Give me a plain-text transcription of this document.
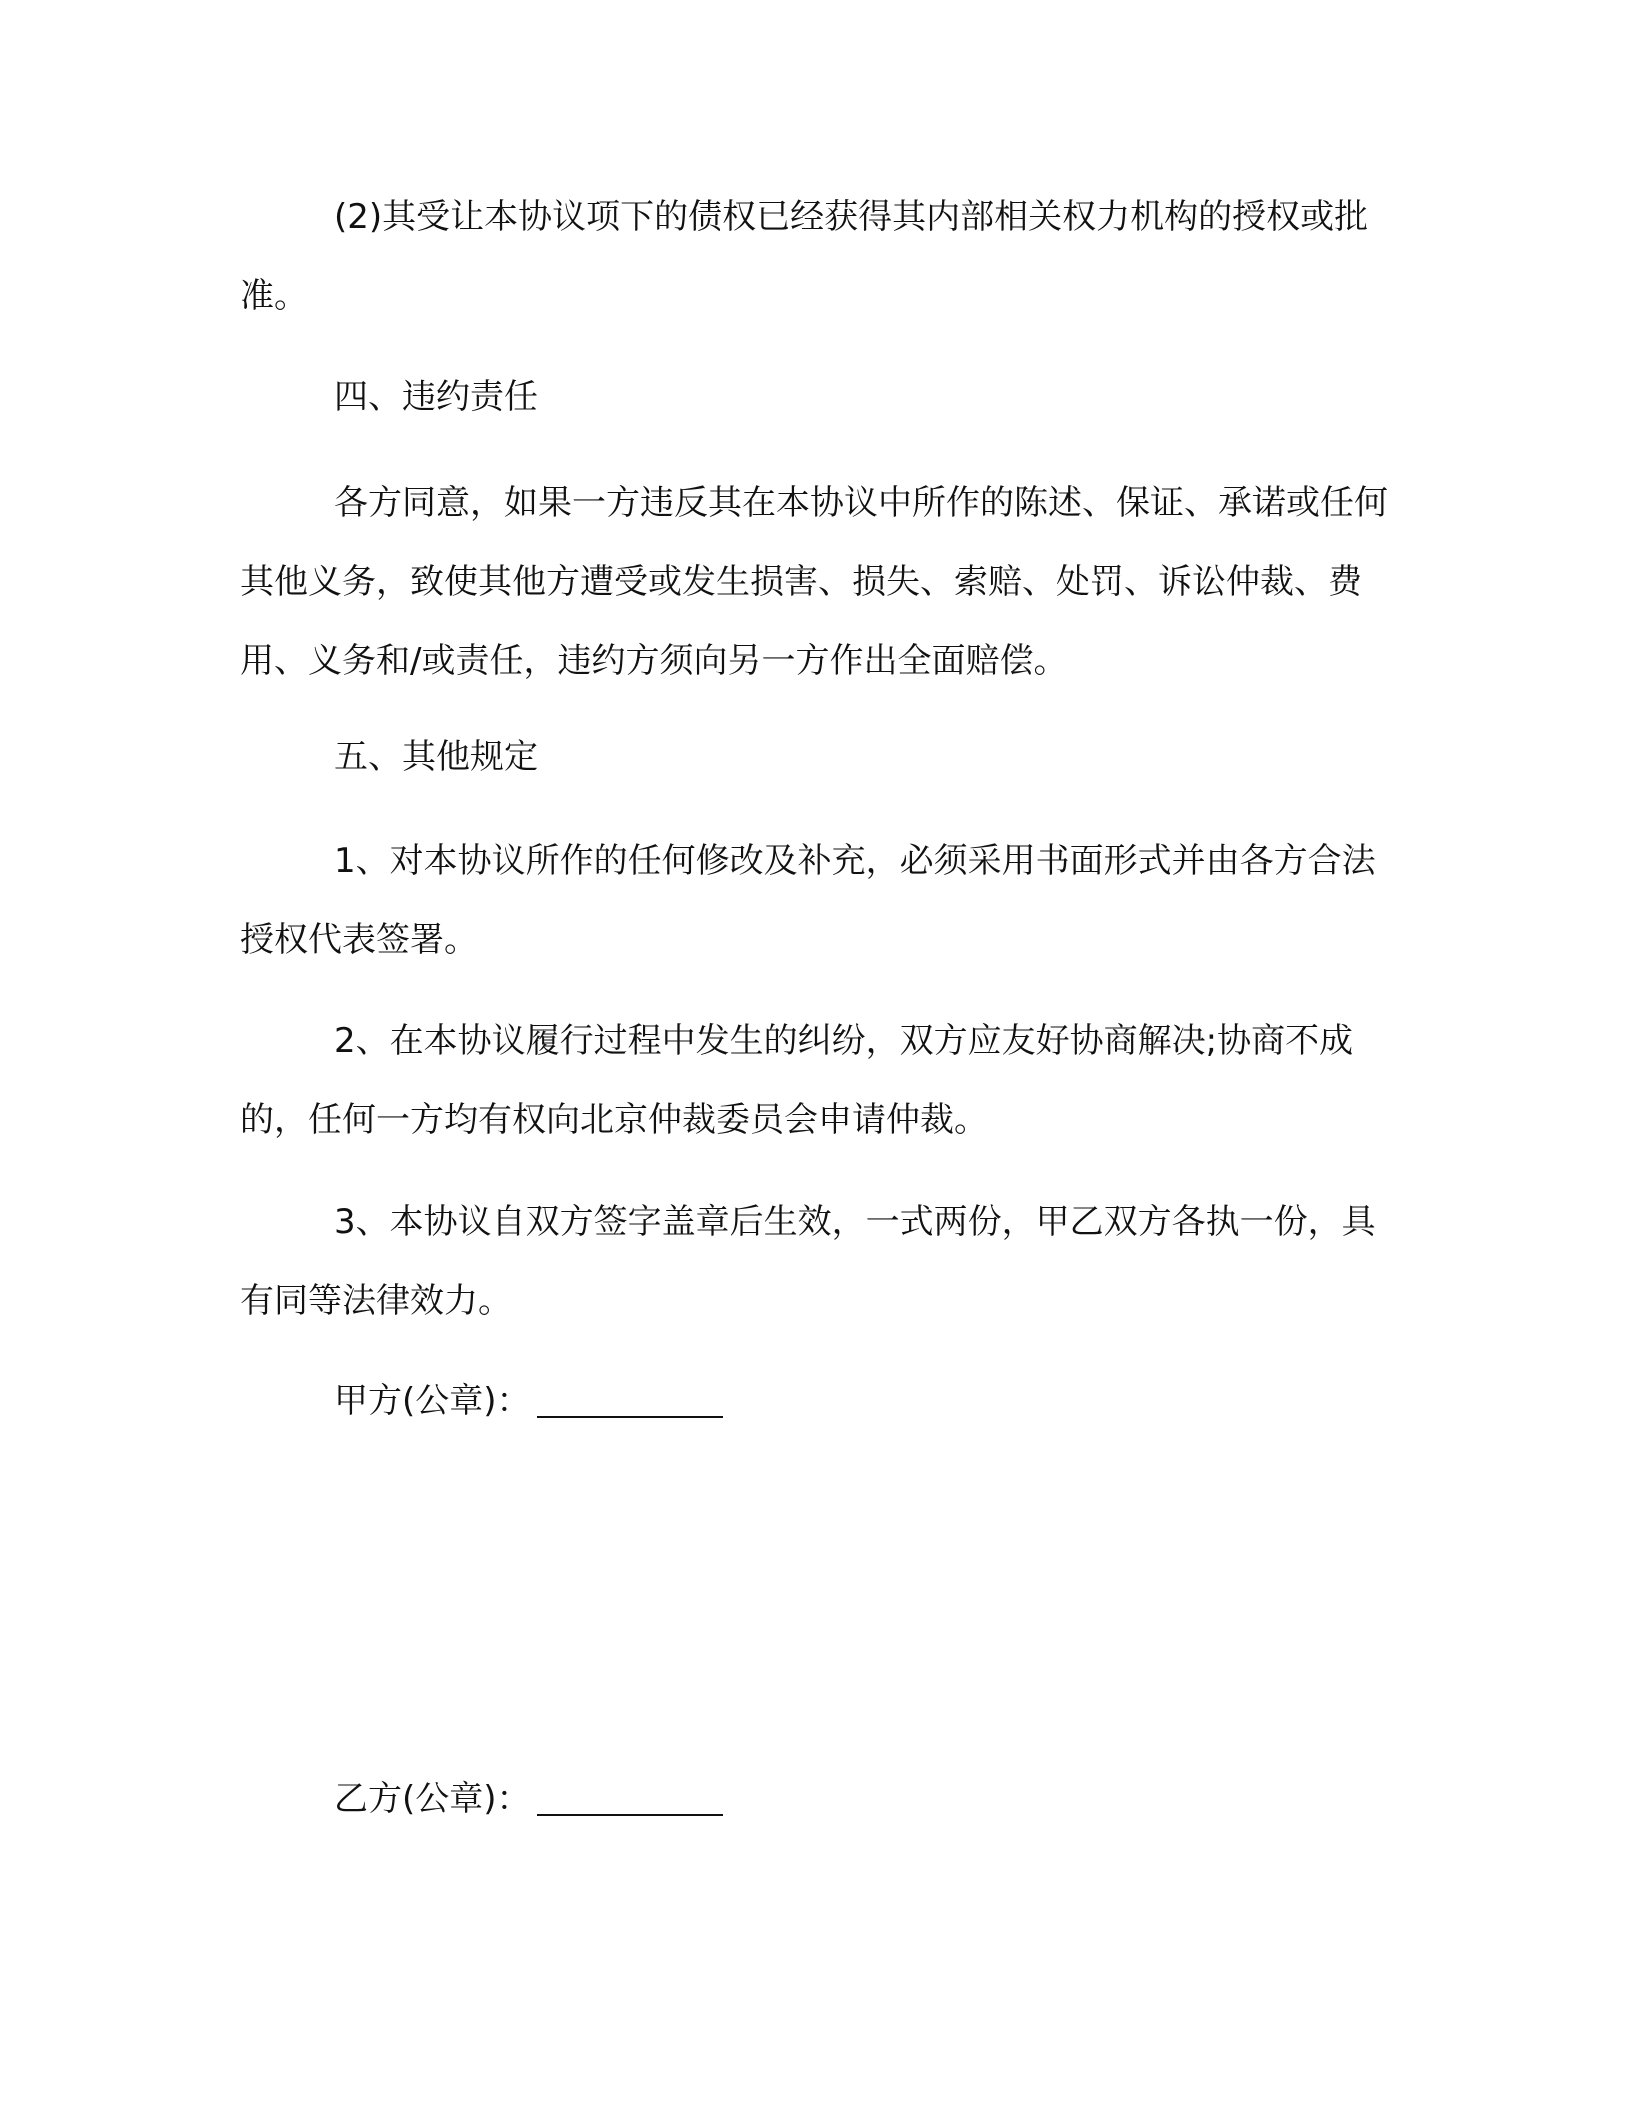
(2)其受让本协议项下的债权已经获得其内部相关权力机构的授权或批准。

四、违约责任

各方同意，如果一方违反其在本协议中所作的陈述、保证、承诺或任何其他义务，致使其他方遭受或发生损害、损失、索赔、处罚、诉讼仲裁、费用、义务和/或责任，违约方须向另一方作出全面赔偿。

五、其他规定

1、对本协议所作的任何修改及补充，必须采用书面形式并由各方合法授权代表签署。

2、在本协议履行过程中发生的纠纷，双方应友好协商解决;协商不成的，任何一方均有权向北京仲裁委员会申请仲裁。

3、本协议自双方签字盖章后生效，一式两份，甲乙双方各执一份，具有同等法律效力。

甲方(公章)：

乙方(公章)：
